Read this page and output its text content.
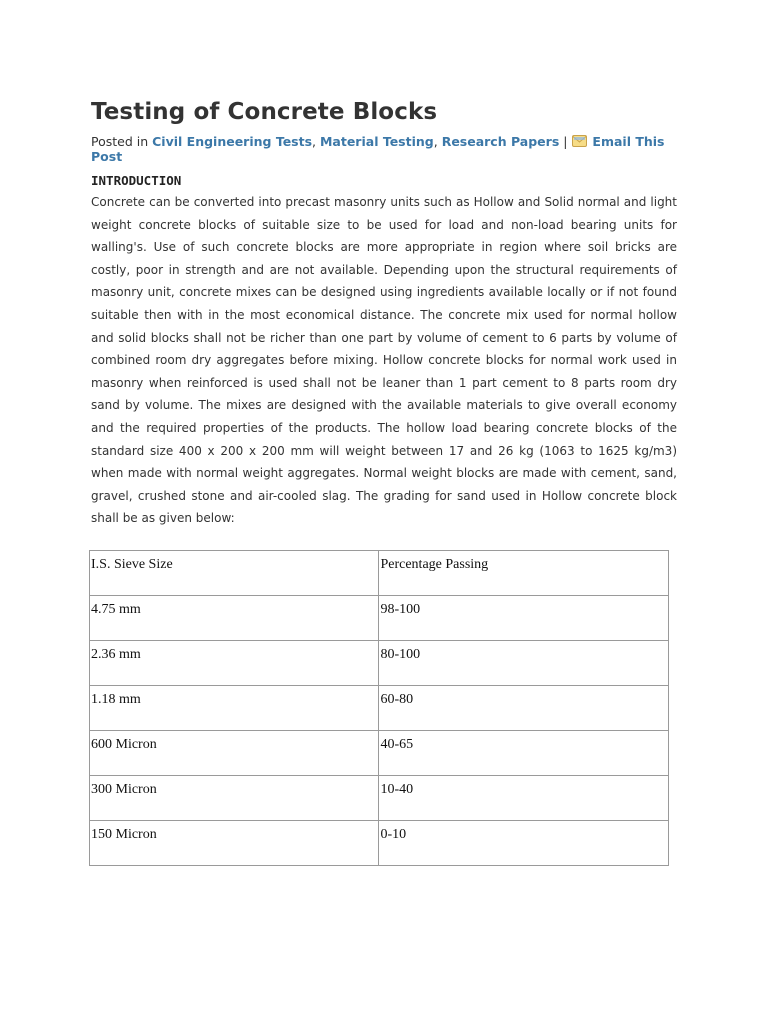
Testing of Concrete Blocks
Posted in Civil Engineering Tests, Material Testing, Research Papers |  Email This Post
INTRODUCTION
Concrete can be converted into precast masonry units such as Hollow and Solid normal and light weight concrete blocks of suitable size to be used for load and non-load bearing units for walling's. Use of such concrete blocks are more appropriate in region where soil bricks are costly, poor in strength and are not available. Depending upon the structural requirements of masonry unit, concrete mixes can be designed using ingredients available locally or if not found suitable then with in the most economical distance. The concrete mix used for normal hollow and solid blocks shall not be richer than one part by volume of cement to 6 parts by volume of combined room dry aggregates before mixing. Hollow concrete blocks for normal work used in masonry when reinforced is used shall not be leaner than 1 part cement to 8 parts room dry sand by volume. The mixes are designed with the available materials to give overall economy and the required properties of the products. The hollow load bearing concrete blocks of the standard size 400 x 200 x 200 mm will weight between 17 and 26 kg (1063 to 1625 kg/m3) when made with normal weight aggregates. Normal weight blocks are made with cement, sand, gravel, crushed stone and air-cooled slag. The grading for sand used in Hollow concrete block shall be as given below:
I.S. Sieve Size	Percentage Passing
4.75 mm	98-100
2.36 mm	80-100
1.18 mm	60-80
600 Micron	40-65
300 Micron	10-40
150 Micron	0-10
